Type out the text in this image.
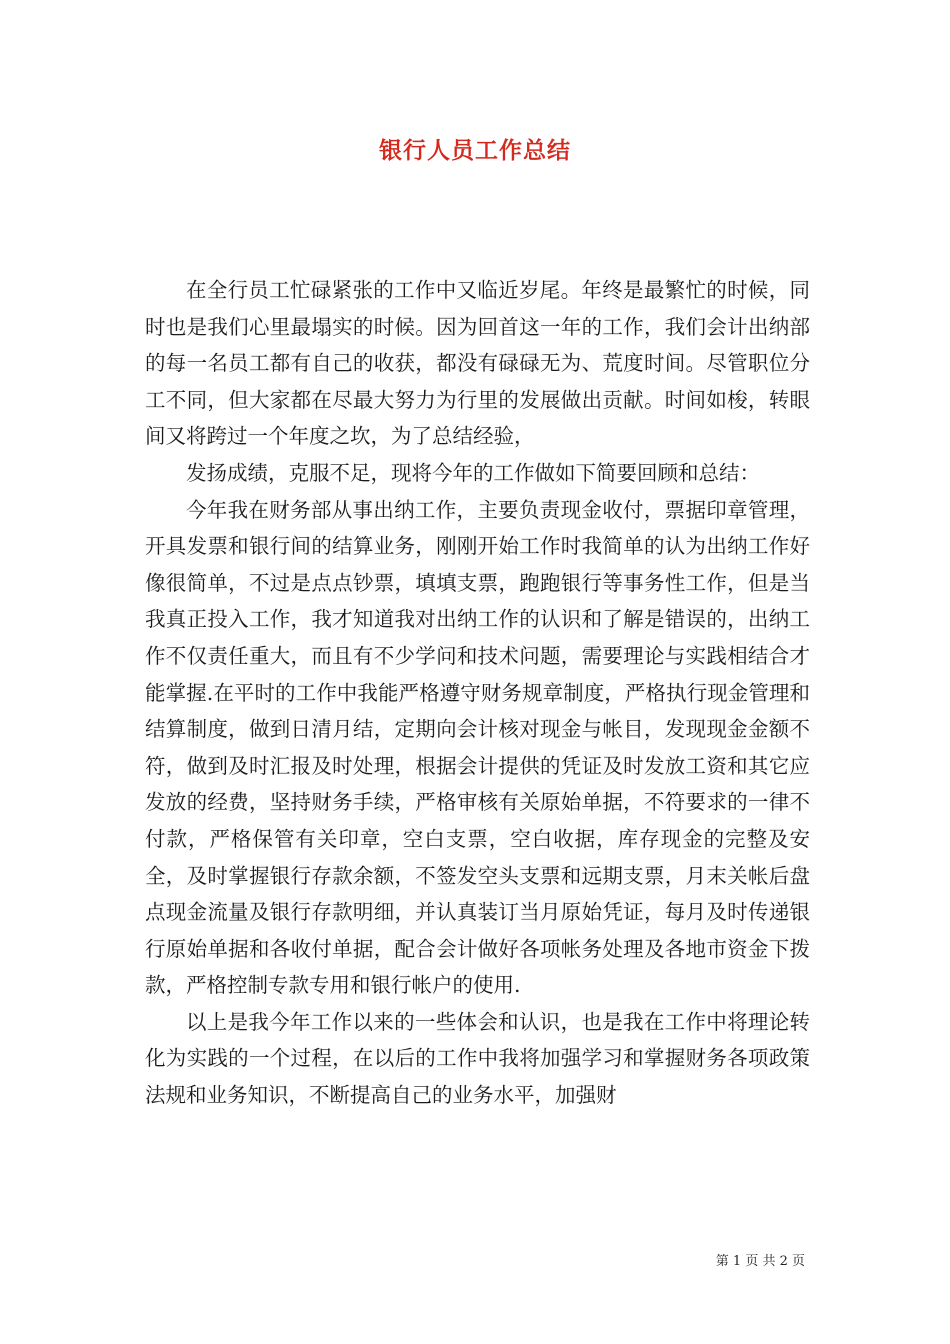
银行人员工作总结

在全行员工忙碌紧张的工作中又临近岁尾。年终是最繁忙的时候，同时也是我们心里最塌实的时候。因为回首这一年的工作，我们会计出纳部的每一名员工都有自己的收获，都没有碌碌无为、荒度时间。尽管职位分工不同，但大家都在尽最大努力为行里的发展做出贡献。时间如梭，转眼间又将跨过一个年度之坎，为了总结经验，

发扬成绩，克服不足，现将今年的工作做如下简要回顾和总结：

今年我在财务部从事出纳工作，主要负责现金收付，票据印章管理，开具发票和银行间的结算业务，刚刚开始工作时我简单的认为出纳工作好像很简单，不过是点点钞票，填填支票，跑跑银行等事务性工作，但是当我真正投入工作，我才知道我对出纳工作的认识和了解是错误的，出纳工作不仅责任重大，而且有不少学问和技术问题，需要理论与实践相结合才能掌握.在平时的工作中我能严格遵守财务规章制度，严格执行现金管理和结算制度，做到日清月结，定期向会计核对现金与帐目，发现现金金额不符，做到及时汇报及时处理，根据会计提供的凭证及时发放工资和其它应发放的经费，坚持财务手续，严格审核有关原始单据，不符要求的一律不付款，严格保管有关印章，空白支票，空白收据，库存现金的完整及安全，及时掌握银行存款余额，不签发空头支票和远期支票，月末关帐后盘点现金流量及银行存款明细，并认真装订当月原始凭证，每月及时传递银行原始单据和各收付单据，配合会计做好各项帐务处理及各地市资金下拨款，严格控制专款专用和银行帐户的使用.

以上是我今年工作以来的一些体会和认识，也是我在工作中将理论转化为实践的一个过程，在以后的工作中我将加强学习和掌握财务各项政策法规和业务知识，不断提高自己的业务水平，加强财

第 1 页 共 2 页
